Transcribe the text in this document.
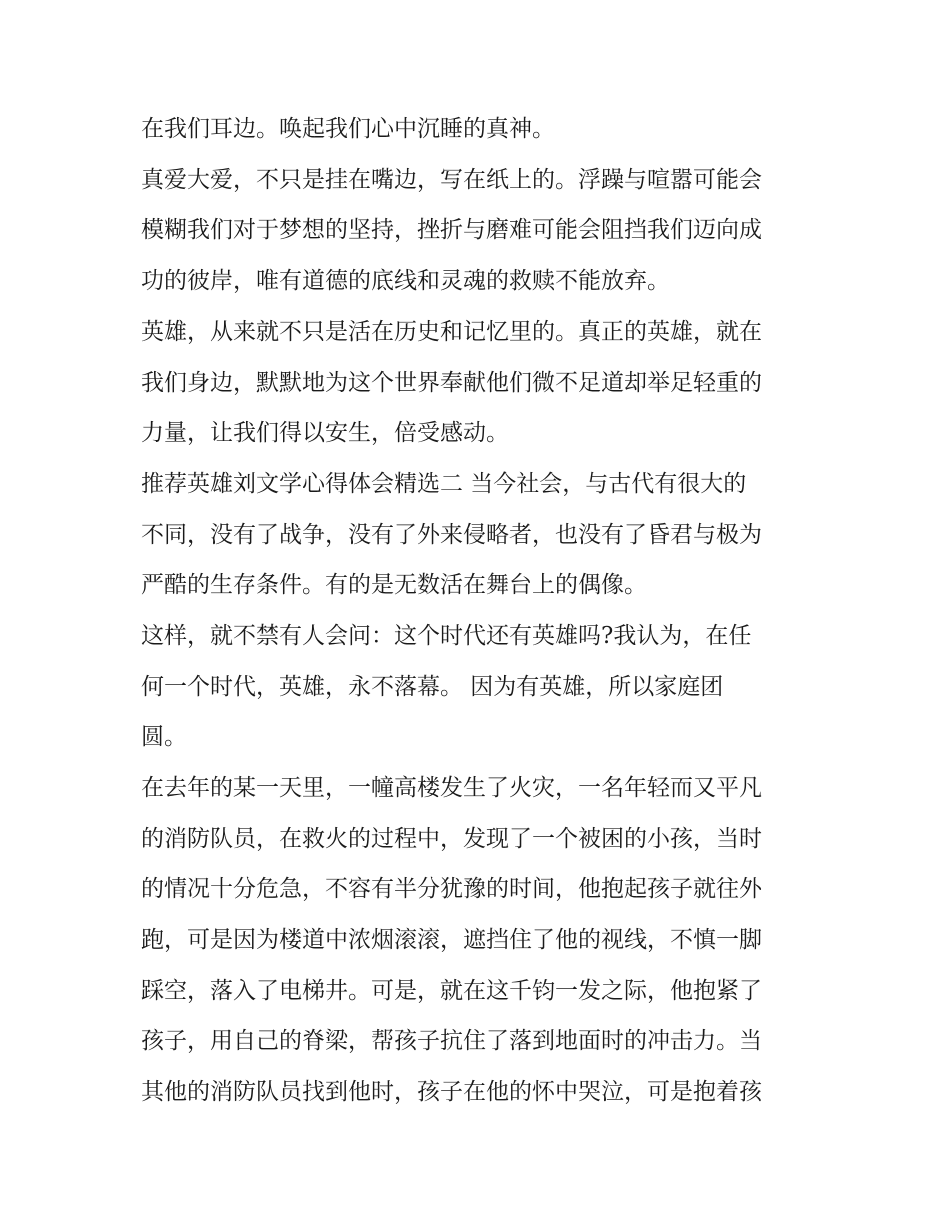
在我们耳边。唤起我们心中沉睡的真神。
真爱大爱，不只是挂在嘴边，写在纸上的。浮躁与喧嚣可能会
模糊我们对于梦想的坚持，挫折与磨难可能会阻挡我们迈向成
功的彼岸，唯有道德的底线和灵魂的救赎不能放弃。
英雄，从来就不只是活在历史和记忆里的。真正的英雄，就在
我们身边，默默地为这个世界奉献他们微不足道却举足轻重的
力量，让我们得以安生，倍受感动。
推荐英雄刘文学心得体会精选二 当今社会，与古代有很大的
不同，没有了战争，没有了外来侵略者，也没有了昏君与极为
严酷的生存条件。有的是无数活在舞台上的偶像。
这样，就不禁有人会问：这个时代还有英雄吗?我认为，在任
何一个时代，英雄，永不落幕。 因为有英雄，所以家庭团
圆。
在去年的某一天里，一幢高楼发生了火灾，一名年轻而又平凡
的消防队员，在救火的过程中，发现了一个被困的小孩，当时
的情况十分危急，不容有半分犹豫的时间，他抱起孩子就往外
跑，可是因为楼道中浓烟滚滚，遮挡住了他的视线，不慎一脚
踩空，落入了电梯井。可是，就在这千钧一发之际，他抱紧了
孩子，用自己的脊梁，帮孩子抗住了落到地面时的冲击力。当
其他的消防队员找到他时，孩子在他的怀中哭泣，可是抱着孩
